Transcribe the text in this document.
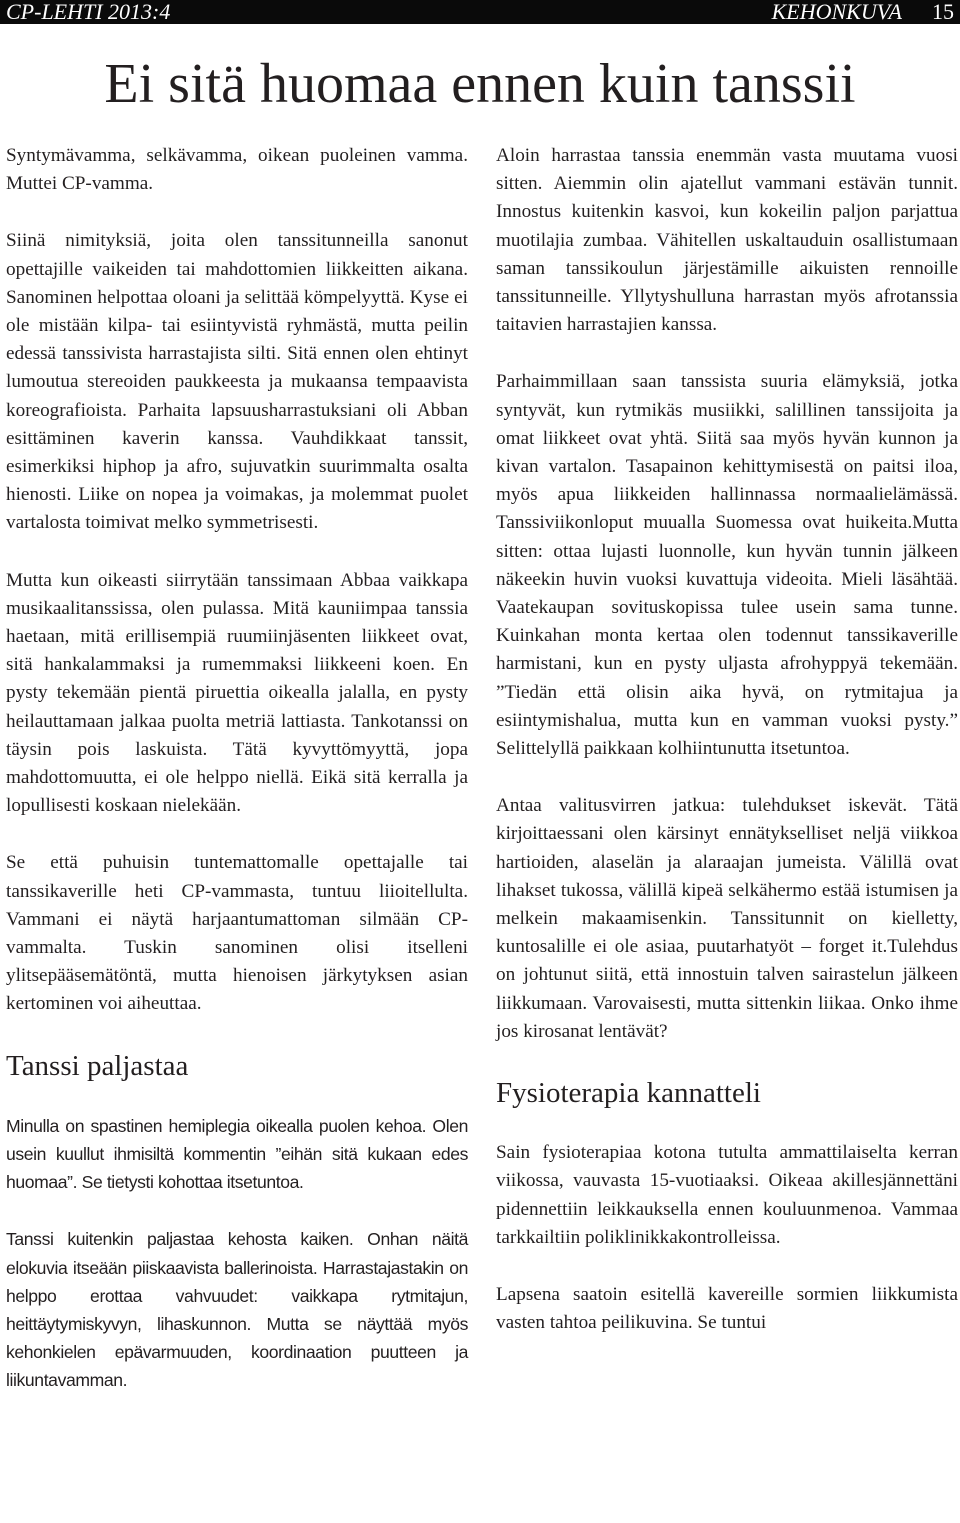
CP-LEHTI 2013:4	KEHONKUVA 15
Ei sitä huomaa ennen kuin tanssii

Syntymävamma, selkävamma, oikean puoleinen vamma. Muttei CP-vamma.

Siinä nimityksiä, joita olen tanssitunneilla sanonut opettajille vaikeiden tai mahdottomien liikkeitten aikana. Sanominen helpottaa oloani ja selittää kömpelyyttä. Kyse ei ole mistään kilpa- tai esiintyvistä ryhmästä, mutta peilin edessä tanssivista harrastajista silti. Sitä ennen olen ehtinyt lumoutua stereoiden paukkeesta ja mukaansa tempaavista koreografioista. Parhaita lapsuusharrastuksiani oli Abban esittäminen kaverin kanssa. Vauhdikkaat tanssit, esimerkiksi hiphop ja afro, sujuvatkin suurimmalta osalta hienosti. Liike on nopea ja voimakas, ja molemmat puolet vartalosta toimivat melko symmetrisesti.

Mutta kun oikeasti siirrytään tanssimaan Abbaa vaikkapa musikaalitanssissa, olen pulassa. Mitä kauniimpaa tanssia haetaan, mitä erillisempiä ruumiinjäsenten liikkeet ovat, sitä hankalammaksi ja rumemmaksi liikkeeni koen. En pysty tekemään pientä piruettia oikealla jalalla, en pysty heilauttamaan jalkaa puolta metriä lattiasta. Tankotanssi on täysin pois laskuista. Tätä kyvyttömyyttä, jopa mahdottomuutta, ei ole helppo niellä. Eikä sitä kerralla ja lopullisesti koskaan nielekään.

Se että puhuisin tuntemattomalle opettajalle tai tanssikaverille heti CP-vammasta, tuntuu liioitellulta. Vammani ei näytä harjaantumattoman silmään CP-vammalta. Tuskin sanominen olisi itselleni ylitsepääsemätöntä, mutta hienoisen järkytyksen asian kertominen voi aiheuttaa.

Tanssi paljastaa

Minulla on spastinen hemiplegia oikealla puolen kehoa. Olen usein kuullut ihmisiltä kommentin ”eihän sitä kukaan edes huomaa”. Se tietysti kohottaa itsetuntoa.

Tanssi kuitenkin paljastaa kehosta kaiken. Onhan näitä elokuvia itseään piiskaavista ballerinoista. Harrastajastakin on helppo erottaa vahvuudet: vaikkapa rytmitajun, heittäytymiskyvyn, lihaskunnon. Mutta se näyttää myös kehonkielen epävarmuuden, koordinaation puutteen ja liikuntavamman.

Aloin harrastaa tanssia enemmän vasta muutama vuosi sitten. Aiemmin olin ajatellut vammani estävän tunnit. Innostus kuitenkin kasvoi, kun kokeilin paljon parjattua muotilajia zumbaa. Vähitellen uskaltauduin osallistumaan saman tanssikoulun järjestämille aikuisten rennoille tanssitunneille. Yllytyshulluna harrastan myös afrotanssia taitavien harrastajien kanssa.

Parhaimmillaan saan tanssista suuria elämyksiä, jotka syntyvät, kun rytmikäs musiikki, salillinen tanssijoita ja omat liikkeet ovat yhtä. Siitä saa myös hyvän kunnon ja kivan vartalon. Tasapainon kehittymisestä on paitsi iloa, myös apua liikkeiden hallinnassa normaalielämässä. Tanssiviikonloput muualla Suomessa ovat huikeita.Mutta sitten: ottaa lujasti luonnolle, kun hyvän tunnin jälkeen näkeekin huvin vuoksi kuvattuja videoita. Mieli läsähtää. Vaatekaupan sovituskopissa tulee usein sama tunne. Kuinkahan monta kertaa olen todennut tanssikaverille harmistani, kun en pysty uljasta afrohyppyä tekemään. ”Tiedän että olisin aika hyvä, on rytmitajua ja esiintymishalua, mutta kun en vamman vuoksi pysty.” Selittelyllä paikkaan kolhiintunutta itsetuntoa.

Antaa valitusvirren jatkua: tulehdukset iskevät. Tätä kirjoittaessani olen kärsinyt ennätykselliset neljä viikkoa hartioiden, alaselän ja alaraajan jumeista. Välillä ovat lihakset tukossa, välillä kipeä selkähermo estää istumisen ja melkein makaamisenkin. Tanssitunnit on kielletty, kuntosalille ei ole asiaa, puutarhatyöt – forget it.Tulehdus on johtunut siitä, että innostuin talven sairastelun jälkeen liikkumaan. Varovaisesti, mutta sittenkin liikaa. Onko ihme jos kirosanat lentävät?

Fysioterapia kannatteli

Sain fysioterapiaa kotona tutulta ammattilaiselta kerran viikossa, vauvasta 15-vuotiaaksi. Oikeaa akillesjännettäni pidennettiin leikkauksella ennen kouluunmenoa. Vammaa tarkkailtiin poliklinikkakontrolleissa.

Lapsena saatoin esitellä kavereille sormien liikkumista vasten tahtoa peilikuvina. Se tuntui
